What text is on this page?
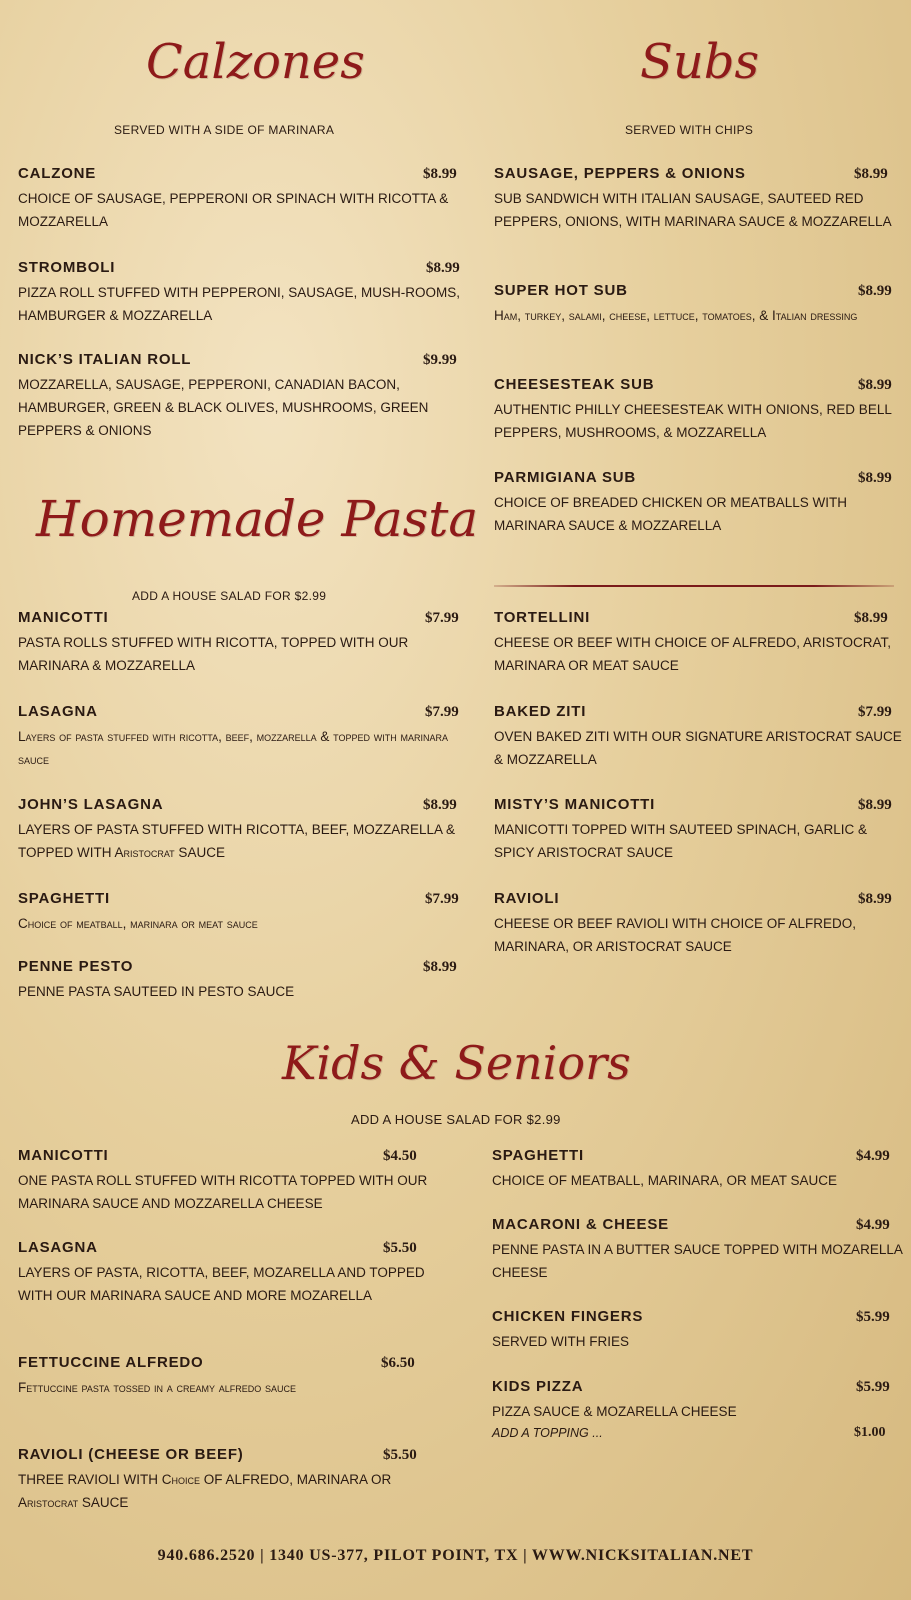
Calzones
SERVED WITH A SIDE OF MARINARA
CALZONE	$8.99
CHOICE OF SAUSAGE, PEPPERONI OR SPINACH WITH RICOTTA & MOZZARELLA
STROMBOLI	$8.99
PIZZA ROLL STUFFED WITH PEPPERONI, SAUSAGE, MUSH-ROOMS, HAMBURGER & MOZZARELLA
NICK’S ITALIAN ROLL	$9.99
MOZZARELLA, SAUSAGE, PEPPERONI, CANADIAN BACON, HAMBURGER, GREEN & BLACK OLIVES, MUSHROOMS, GREEN PEPPERS & ONIONS
Subs
SERVED WITH CHIPS
SAUSAGE, PEPPERS & ONIONS	$8.99
SUB SANDWICH WITH ITALIAN SAUSAGE, SAUTEED RED PEPPERS, ONIONS, WITH MARINARA SAUCE & MOZZARELLA
SUPER HOT SUB	$8.99
Ham, turkey, salami, cheese, lettuce, tomatoes, & Italian dressing
CHEESESTEAK SUB	$8.99
AUTHENTIC PHILLY CHEESESTEAK WITH ONIONS, RED BELL PEPPERS, MUSHROOMS, & MOZZARELLA
PARMIGIANA SUB	$8.99
CHOICE OF BREADED CHICKEN OR MEATBALLS WITH MARINARA SAUCE & MOZZARELLA
Homemade Pasta
ADD A HOUSE SALAD FOR $2.99
MANICOTTI	$7.99
PASTA ROLLS STUFFED WITH RICOTTA, TOPPED WITH OUR MARINARA & MOZZARELLA
LASAGNA	$7.99
Layers of pasta stuffed with ricotta, beef, mozzarella & topped with marinara sauce
JOHN’S LASAGNA	$8.99
LAYERS OF PASTA STUFFED WITH RICOTTA, BEEF, MOZZARELLA & TOPPED WITH Aristocrat SAUCE
SPAGHETTI	$7.99
Choice of meatball, marinara or meat sauce
PENNE PESTO	$8.99
PENNE PASTA SAUTEED IN PESTO SAUCE
TORTELLINI	$8.99
CHEESE OR BEEF WITH CHOICE OF ALFREDO, ARISTOCRAT, MARINARA OR MEAT SAUCE
BAKED ZITI	$7.99
OVEN BAKED ZITI WITH OUR SIGNATURE ARISTOCRAT SAUCE & MOZZARELLA
MISTY’S MANICOTTI	$8.99
MANICOTTI TOPPED WITH SAUTEED SPINACH, GARLIC & SPICY ARISTOCRAT SAUCE
RAVIOLI	$8.99
CHEESE OR BEEF RAVIOLI WITH CHOICE OF ALFREDO, MARINARA, OR ARISTOCRAT SAUCE
Kids & Seniors
ADD A HOUSE SALAD FOR $2.99
MANICOTTI	$4.50
ONE PASTA ROLL STUFFED WITH RICOTTA TOPPED WITH OUR MARINARA SAUCE AND MOZZARELLA CHEESE
LASAGNA	$5.50
LAYERS OF PASTA, RICOTTA, BEEF, MOZARELLA AND TOPPED WITH OUR MARINARA SAUCE AND MORE MOZARELLA
FETTUCCINE ALFREDO	$6.50
Fettuccine pasta tossed in a creamy alfredo sauce
RAVIOLI (CHEESE OR BEEF)	$5.50
THREE RAVIOLI WITH Choice OF ALFREDO, MARINARA OR Aristocrat SAUCE
SPAGHETTI	$4.99
CHOICE OF MEATBALL, MARINARA, OR MEAT SAUCE
MACARONI & CHEESE	$4.99
PENNE PASTA IN A BUTTER SAUCE TOPPED WITH MOZARELLA CHEESE
CHICKEN FINGERS	$5.99
SERVED WITH FRIES
KIDS PIZZA	$5.99
PIZZA SAUCE & MOZARELLA CHEESE
ADD A TOPPING ...	$1.00
940.686.2520 | 1340 US-377, PILOT POINT, TX | WWW.NICKSITALIAN.NET
